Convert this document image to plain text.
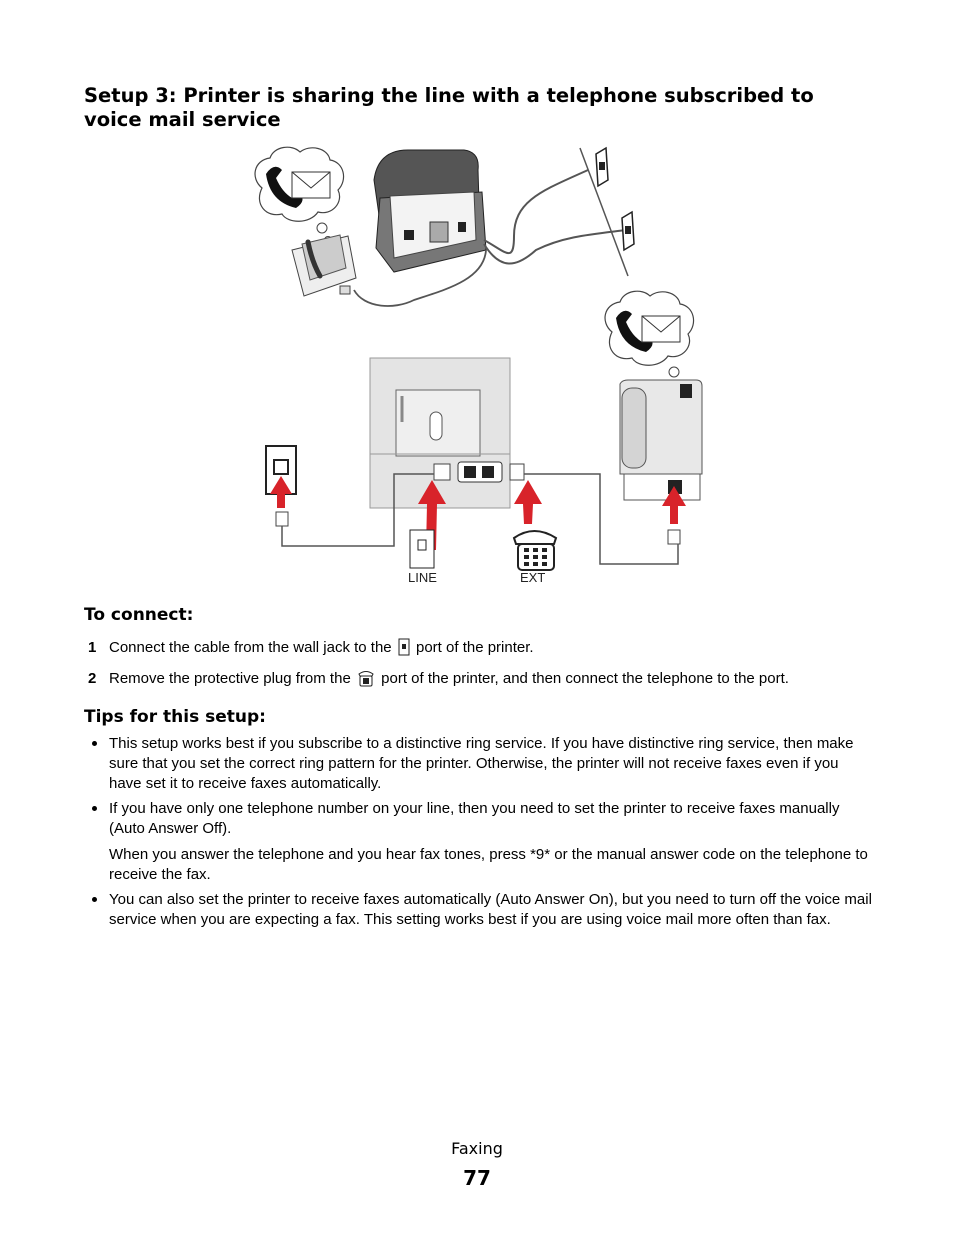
Setup 3: Printer is sharing the line with a telephone subscribed to voice mail service
LINE	EXT
To connect:
1 Connect the cable from the wall jack to the port of the printer.
2 Remove the protective plug from the port of the printer, and then connect the telephone to the port.
Tips for this setup:
This setup works best if you subscribe to a distinctive ring service. If you have distinctive ring service, then make sure that you set the correct ring pattern for the printer. Otherwise, the printer will not receive faxes even if you have set it to receive faxes automatically.
If you have only one telephone number on your line, then you need to set the printer to receive faxes manually (Auto Answer Off).
When you answer the telephone and you hear fax tones, press *9* or the manual answer code on the telephone to receive the fax.
You can also set the printer to receive faxes automatically (Auto Answer On), but you need to turn off the voice mail service when you are expecting a fax. This setting works best if you are using voice mail more often than fax.
Faxing
77
